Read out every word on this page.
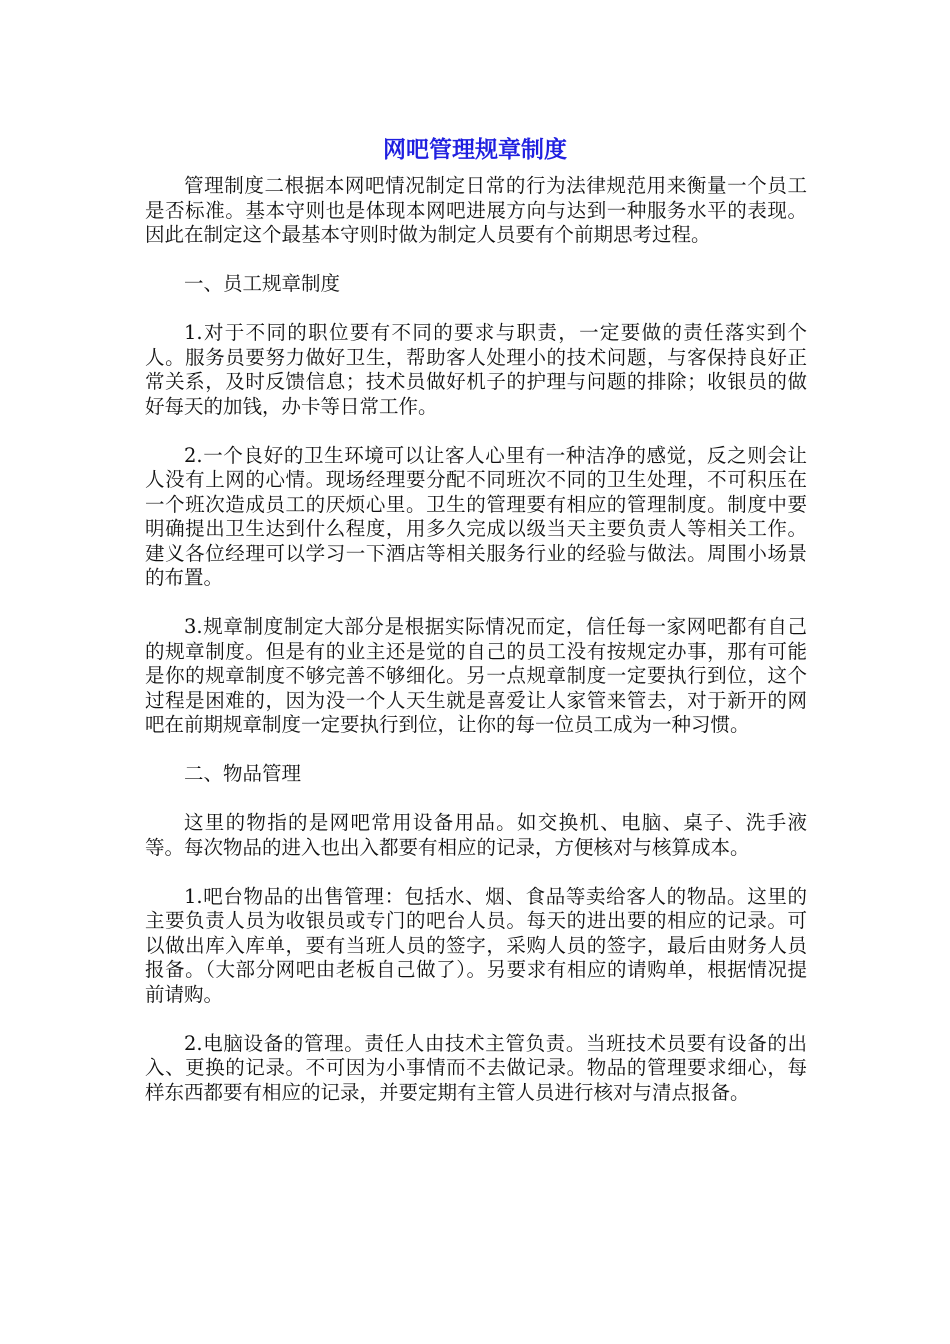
网吧管理规章制度

管理制度二根据本网吧情况制定日常的行为法律规范用来衡量一个员工是否标准。基本守则也是体现本网吧进展方向与达到一种服务水平的表现。因此在制定这个最基本守则时做为制定人员要有个前期思考过程。

一、员工规章制度

1.对于不同的职位要有不同的要求与职责，一定要做的责任落实到个人。服务员要努力做好卫生，帮助客人处理小的技术问题，与客保持良好正常关系，及时反馈信息；技术员做好机子的护理与问题的排除；收银员的做好每天的加钱，办卡等日常工作。

2.一个良好的卫生环境可以让客人心里有一种洁净的感觉，反之则会让人没有上网的心情。现场经理要分配不同班次不同的卫生处理，不可积压在一个班次造成员工的厌烦心里。卫生的管理要有相应的管理制度。制度中要明确提出卫生达到什么程度，用多久完成以级当天主要负责人等相关工作。建义各位经理可以学习一下酒店等相关服务行业的经验与做法。周围小场景的布置。

3.规章制度制定大部分是根据实际情况而定，信任每一家网吧都有自己的规章制度。但是有的业主还是觉的自己的员工没有按规定办事，那有可能是你的规章制度不够完善不够细化。另一点规章制度一定要执行到位，这个过程是困难的，因为没一个人天生就是喜爱让人家管来管去，对于新开的网吧在前期规章制度一定要执行到位，让你的每一位员工成为一种习惯。

二、物品管理

这里的物指的是网吧常用设备用品。如交换机、电脑、桌子、洗手液等。每次物品的进入也出入都要有相应的记录，方便核对与核算成本。

1.吧台物品的出售管理：包括水、烟、食品等卖给客人的物品。这里的主要负责人员为收银员或专门的吧台人员。每天的进出要的相应的记录。可以做出库入库单，要有当班人员的签字，采购人员的签字，最后由财务人员报备。（大部分网吧由老板自己做了）。另要求有相应的请购单，根据情况提前请购。

2.电脑设备的管理。责任人由技术主管负责。当班技术员要有设备的出入、更换的记录。不可因为小事情而不去做记录。物品的管理要求细心，每样东西都要有相应的记录，并要定期有主管人员进行核对与清点报备。
